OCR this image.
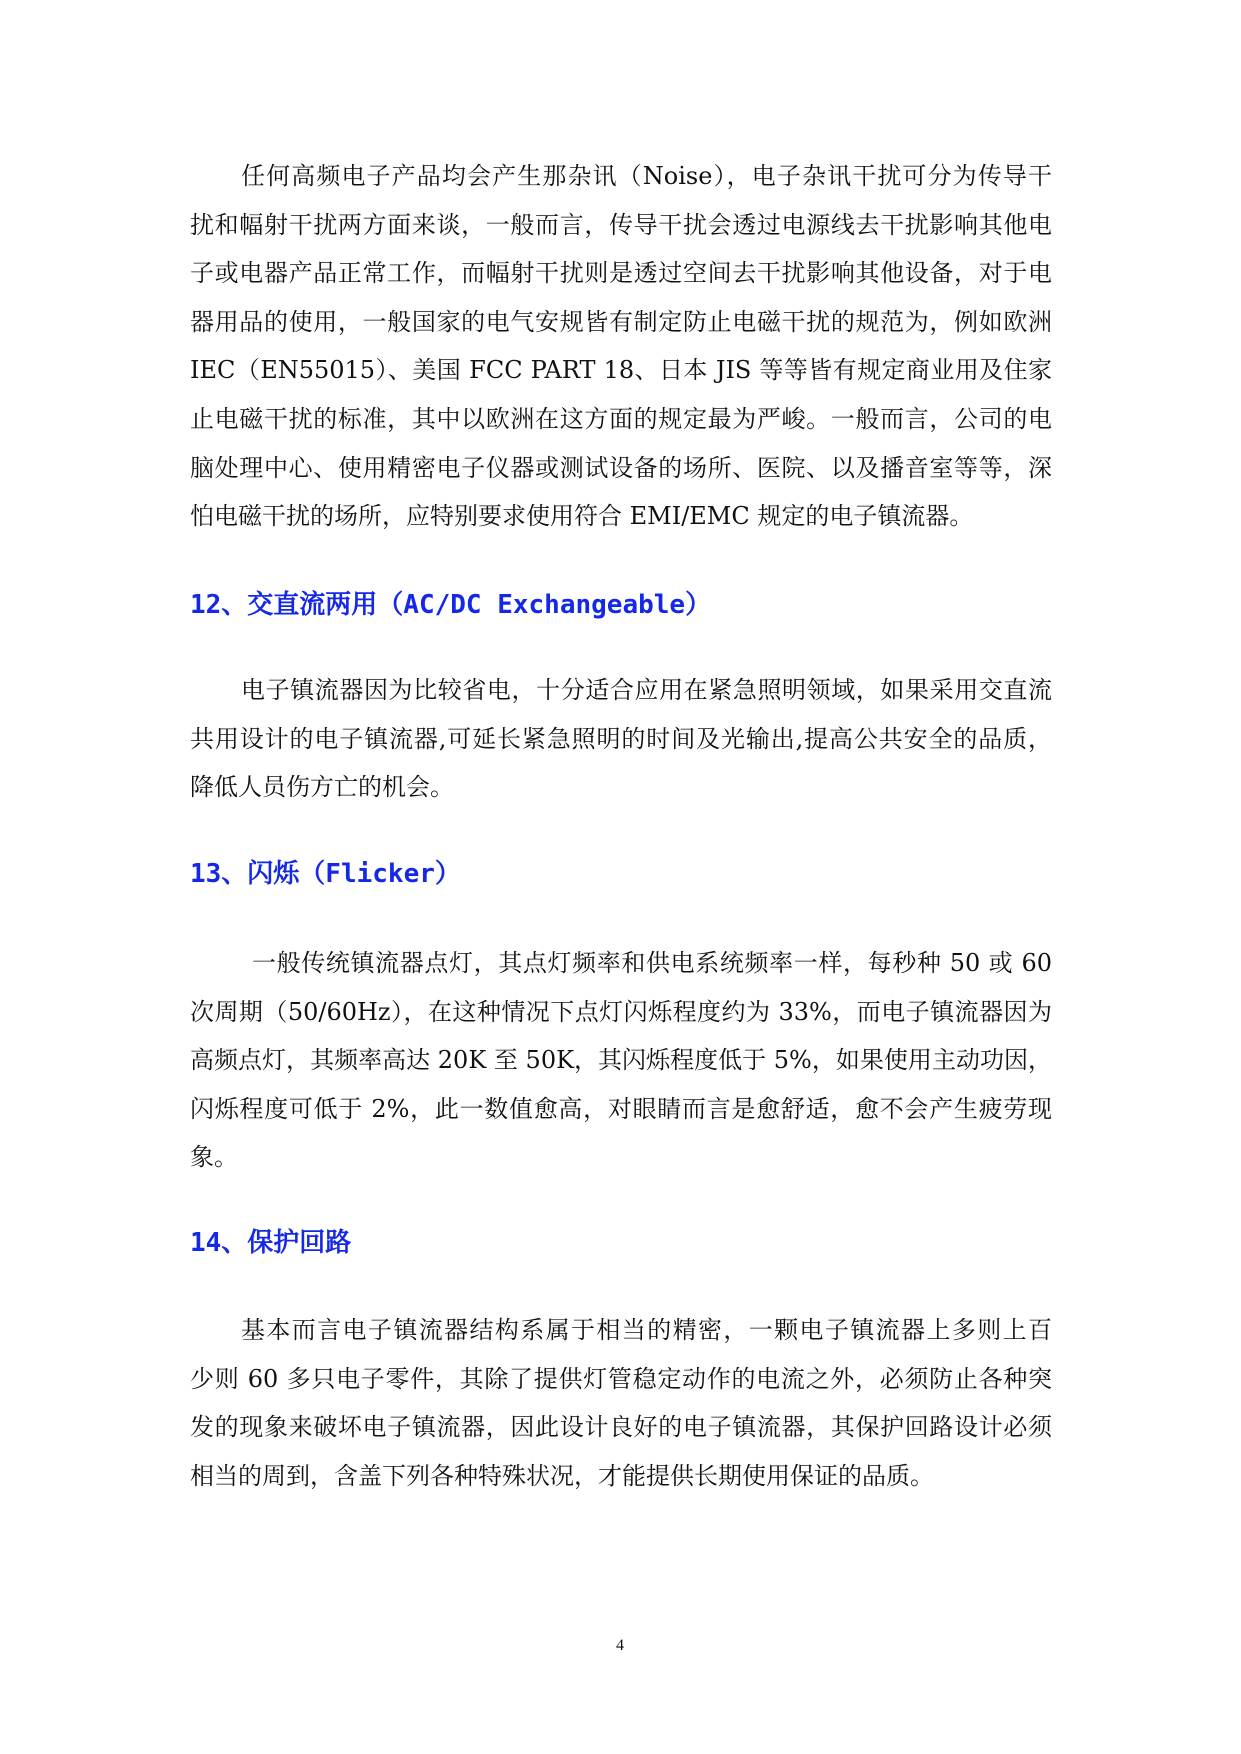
任何高频电子产品均会产生那杂讯（Noise），电子杂讯干扰可分为传导干
扰和幅射干扰两方面来谈，一般而言，传导干扰会透过电源线去干扰影响其他电
子或电器产品正常工作，而幅射干扰则是透过空间去干扰影响其他设备，对于电
器用品的使用，一般国家的电气安规皆有制定防止电磁干扰的规范为，例如欧洲
IEC（EN55015）、美国 FCC PART 18、日本 JIS 等等皆有规定商业用及住家
止电磁干扰的标准，其中以欧洲在这方面的规定最为严峻。一般而言，公司的电
脑处理中心、使用精密电子仪器或测试设备的场所、医院、以及播音室等等，深
怕电磁干扰的场所，应特别要求使用符合 EMI/EMC 规定的电子镇流器。
12、交直流两用（AC/DC Exchangeable）
电子镇流器因为比较省电，十分适合应用在紧急照明领域，如果采用交直流
共用设计的电子镇流器,可延长紧急照明的时间及光输出,提高公共安全的品质，
降低人员伤方亡的机会。
13、闪烁（Flicker）
一般传统镇流器点灯，其点灯频率和供电系统频率一样，每秒种 50 或 60
次周期（50/60Hz），在这种情况下点灯闪烁程度约为 33%，而电子镇流器因为
高频点灯，其频率高达 20K 至 50K，其闪烁程度低于 5%，如果使用主动功因，
闪烁程度可低于 2%，此一数值愈高，对眼睛而言是愈舒适，愈不会产生疲劳现
象。
14、保护回路
基本而言电子镇流器结构系属于相当的精密，一颗电子镇流器上多则上百
少则 60 多只电子零件，其除了提供灯管稳定动作的电流之外，必须防止各种突
发的现象来破坏电子镇流器，因此设计良好的电子镇流器，其保护回路设计必须
相当的周到，含盖下列各种特殊状况，才能提供长期使用保证的品质。
4
